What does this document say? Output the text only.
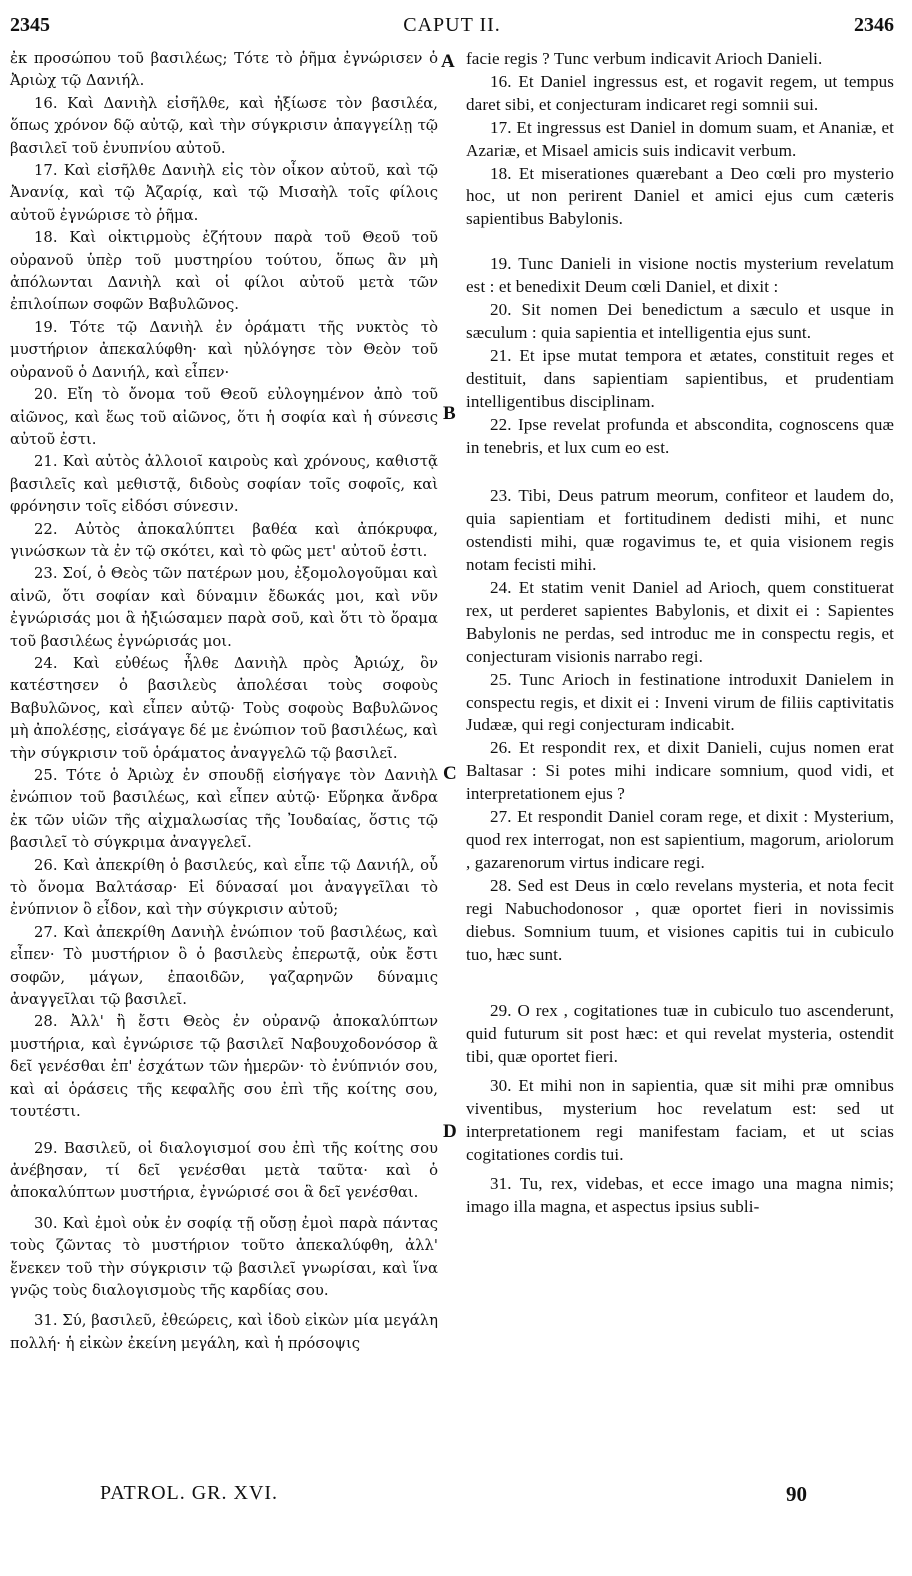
2345	CAPUT II.	2346

ἐκ προσώπου τοῦ βασιλέως; Τότε τὸ ῥῆμα ἐγνώρισεν ὁ Ἀριὼχ τῷ Δανιήλ.

16. Καὶ Δανιὴλ εἰσῆλθε, καὶ ἠξίωσε τὸν βασιλέα, ὅπως χρόνον δῷ αὐτῷ, καὶ τὴν σύγκρισιν ἀπαγγείλῃ τῷ βασιλεῖ τοῦ ἐνυπνίου αὐτοῦ.

17. Καὶ εἰσῆλθε Δανιὴλ εἰς τὸν οἶκον αὐτοῦ, καὶ τῷ Ἀνανίᾳ, καὶ τῷ Ἀζαρίᾳ, καὶ τῷ Μισαὴλ τοῖς φίλοις αὐτοῦ ἐγνώρισε τὸ ῥῆμα.

18. Καὶ οἰκτιρμοὺς ἐζήτουν παρὰ τοῦ Θεοῦ τοῦ οὐρανοῦ ὑπὲρ τοῦ μυστηρίου τούτου, ὅπως ἂν μὴ ἀπόλωνται Δανιὴλ καὶ οἱ φίλοι αὐτοῦ μετὰ τῶν ἐπιλοίπων σοφῶν Βαβυλῶνος.

19. Τότε τῷ Δανιὴλ ἐν ὁράματι τῆς νυκτὸς τὸ μυστήριον ἀπεκαλύφθη· καὶ ηὐλόγησε τὸν Θεὸν τοῦ οὐρανοῦ ὁ Δανιήλ, καὶ εἶπεν·

20. Εἴη τὸ ὄνομα τοῦ Θεοῦ εὐλογημένον ἀπὸ τοῦ αἰῶνος, καὶ ἕως τοῦ αἰῶνος, ὅτι ἡ σοφία καὶ ἡ σύνεσις αὐτοῦ ἐστι.

21. Καὶ αὐτὸς ἀλλοιοῖ καιροὺς καὶ χρόνους, καθιστᾷ βασιλεῖς καὶ μεθιστᾷ, διδοὺς σοφίαν τοῖς σοφοῖς, καὶ φρόνησιν τοῖς εἰδόσι σύνεσιν.

22. Αὐτὸς ἀποκαλύπτει βαθέα καὶ ἀπόκρυφα, γινώσκων τὰ ἐν τῷ σκότει, καὶ τὸ φῶς μετ' αὐτοῦ ἐστι.

23. Σοί, ὁ Θεὸς τῶν πατέρων μου, ἐξομολογοῦμαι καὶ αἰνῶ, ὅτι σοφίαν καὶ δύναμιν ἔδωκάς μοι, καὶ νῦν ἐγνώρισάς μοι ἃ ἠξιώσαμεν παρὰ σοῦ, καὶ ὅτι τὸ ὅραμα τοῦ βασιλέως ἐγνώρισάς μοι.

24. Καὶ εὐθέως ἦλθε Δανιὴλ πρὸς Ἀριώχ, ὃν κατέστησεν ὁ βασιλεὺς ἀπολέσαι τοὺς σοφοὺς Βαβυλῶνος, καὶ εἶπεν αὐτῷ· Τοὺς σοφοὺς Βαβυλῶνος μὴ ἀπολέσῃς, εἰσάγαγε δέ με ἐνώπιον τοῦ βασιλέως, καὶ τὴν σύγκρισιν τοῦ ὁράματος ἀναγγελῶ τῷ βασιλεῖ.

25. Τότε ὁ Ἀριὼχ ἐν σπουδῇ εἰσήγαγε τὸν Δανιὴλ ἐνώπιον τοῦ βασιλέως, καὶ εἶπεν αὐτῷ· Εὕρηκα ἄνδρα ἐκ τῶν υἱῶν τῆς αἰχμαλωσίας τῆς Ἰουδαίας, ὅστις τῷ βασιλεῖ τὸ σύγκριμα ἀναγγελεῖ.

26. Καὶ ἀπεκρίθη ὁ βασιλεύς, καὶ εἶπε τῷ Δανιήλ, οὗ τὸ ὄνομα Βαλτάσαρ· Εἰ δύνασαί μοι ἀναγγεῖλαι τὸ ἐνύπνιον ὃ εἶδον, καὶ τὴν σύγκρισιν αὐτοῦ;

27. Καὶ ἀπεκρίθη Δανιὴλ ἐνώπιον τοῦ βασιλέως, καὶ εἶπεν· Τὸ μυστήριον ὃ ὁ βασιλεὺς ἐπερωτᾷ, οὐκ ἔστι σοφῶν, μάγων, ἐπαοιδῶν, γαζαρηνῶν δύναμις ἀναγγεῖλαι τῷ βασιλεῖ.

28. Ἀλλ' ἢ ἔστι Θεὸς ἐν οὐρανῷ ἀποκαλύπτων μυστήρια, καὶ ἐγνώρισε τῷ βασιλεῖ Ναβουχοδονόσορ ἃ δεῖ γενέσθαι ἐπ' ἐσχάτων τῶν ἡμερῶν· τὸ ἐνύπνιόν σου, καὶ αἱ ὁράσεις τῆς κεφαλῆς σου ἐπὶ τῆς κοίτης σου, τουτέστι.

29. Βασιλεῦ, οἱ διαλογισμοί σου ἐπὶ τῆς κοίτης σου ἀνέβησαν, τί δεῖ γενέσθαι μετὰ ταῦτα· καὶ ὁ ἀποκαλύπτων μυστήρια, ἐγνώρισέ σοι ἃ δεῖ γενέσθαι.

30. Καὶ ἐμοὶ οὐκ ἐν σοφίᾳ τῇ οὔσῃ ἐμοὶ παρὰ πάντας τοὺς ζῶντας τὸ μυστήριον τοῦτο ἀπεκαλύφθη, ἀλλ' ἕνεκεν τοῦ τὴν σύγκρισιν τῷ βασιλεῖ γνωρίσαι, καὶ ἵνα γνῷς τοὺς διαλογισμοὺς τῆς καρδίας σου.

31. Σύ, βασιλεῦ, ἐθεώρεις, καὶ ἰδοὺ εἰκὼν μία μεγάλη πολλή· ἡ εἰκὼν ἐκείνη μεγάλη, καὶ ἡ πρόσοψις

facie regis ? Tunc verbum indicavit Arioch Danieli.

16. Et Daniel ingressus est, et rogavit regem, ut tempus daret sibi, et conjecturam indicaret regi somnii sui.

17. Et ingressus est Daniel in domum suam, et Ananiæ, et Azariæ, et Misael amicis suis indicavit verbum.

18. Et miserationes quærebant a Deo cœli pro mysterio hoc, ut non perirent Daniel et amici ejus cum cæteris sapientibus Babylonis.

19. Tunc Danieli in visione noctis mysterium revelatum est : et benedixit Deum cœli Daniel, et dixit :

20. Sit nomen Dei benedictum a sæculo et usque in sæculum : quia sapientia et intelligentia ejus sunt.

21. Et ipse mutat tempora et ætates, constituit reges et destituit, dans sapientiam sapientibus, et prudentiam intelligentibus disciplinam.

22. Ipse revelat profunda et abscondita, cognoscens quæ in tenebris, et lux cum eo est.

23. Tibi, Deus patrum meorum, confiteor et laudem do, quia sapientiam et fortitudinem dedisti mihi, et nunc ostendisti mihi, quæ rogavimus te, et quia visionem regis notam fecisti mihi.

24. Et statim venit Daniel ad Arioch, quem constituerat rex, ut perderet sapientes Babylonis, et dixit ei : Sapientes Babylonis ne perdas, sed introduc me in conspectu regis, et conjecturam visionis narrabo regi.

25. Tunc Arioch in festinatione introduxit Danielem in conspectu regis, et dixit ei : Inveni virum de filiis captivitatis Judææ, qui regi conjecturam indicabit.

26. Et respondit rex, et dixit Danieli, cujus nomen erat Baltasar : Si potes mihi indicare somnium, quod vidi, et interpretationem ejus ?

27. Et respondit Daniel coram rege, et dixit : Mysterium, quod rex interrogat, non est sapientium, magorum, ariolorum , gazarenorum virtus indicare regi.

28. Sed est Deus in cœlo revelans mysteria, et nota fecit regi Nabuchodonosor , quæ oportet fieri in novissimis diebus. Somnium tuum, et visiones capitis tui in cubiculo tuo, hæc sunt.

29. O rex , cogitationes tuæ in cubiculo tuo ascenderunt, quid futurum sit post hæc: et qui revelat mysteria, ostendit tibi, quæ oportet fieri.

30. Et mihi non in sapientia, quæ sit mihi præ omnibus viventibus, mysterium hoc revelatum est: sed ut interpretationem regi manifestam faciam, et ut scias cogitationes cordis tui.

31. Tu, rex, videbas, et ecce imago una magna nimis; imago illa magna, et aspectus ipsius subli-

A
B
C
D
PATROL. GR. XVI.	90
